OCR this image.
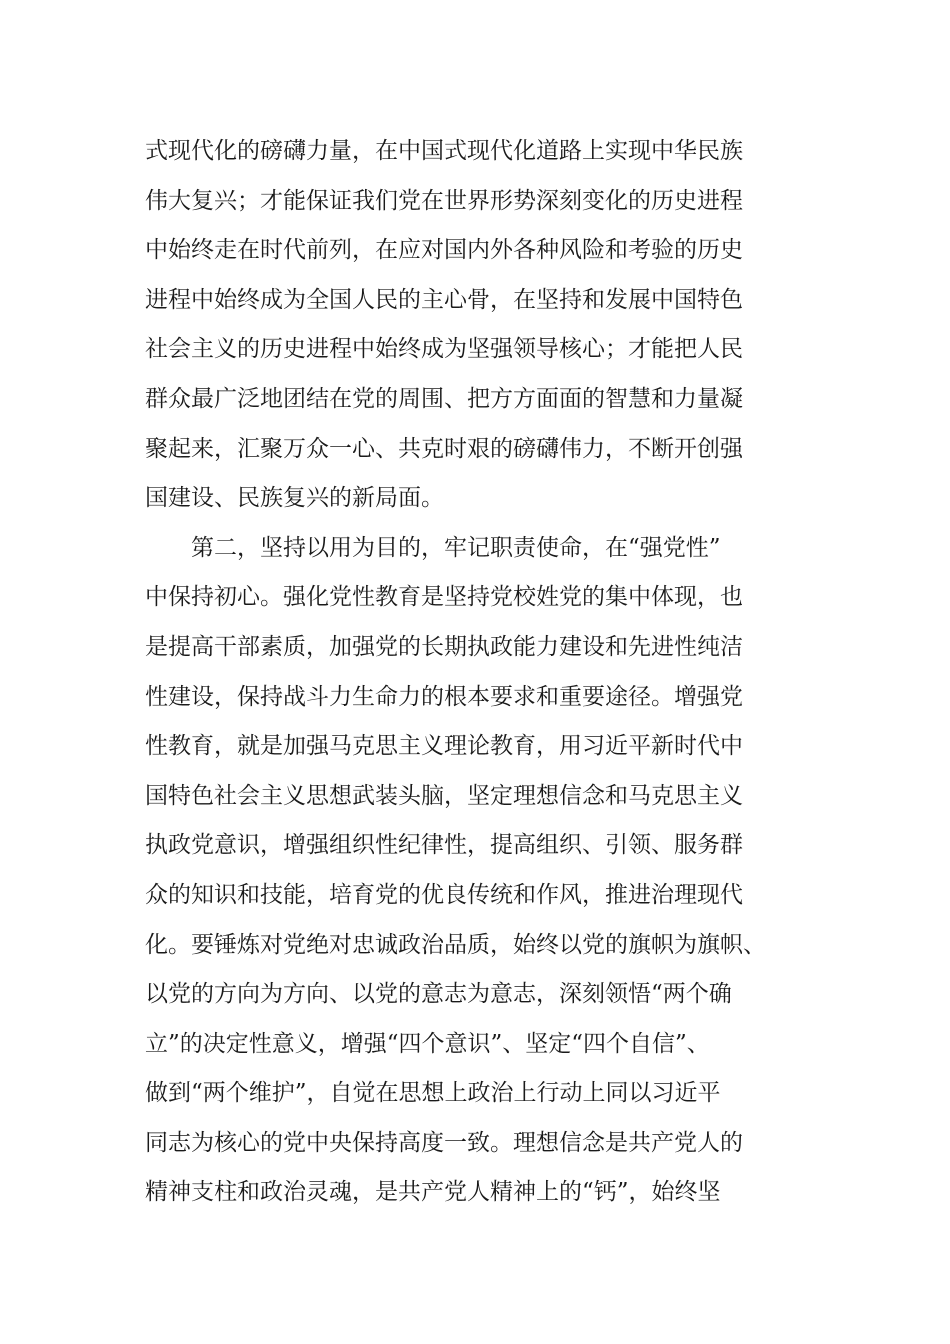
式现代化的磅礴力量，在中国式现代化道路上实现中华民族
伟大复兴；才能保证我们党在世界形势深刻变化的历史进程
中始终走在时代前列，在应对国内外各种风险和考验的历史
进程中始终成为全国人民的主心骨，在坚持和发展中国特色
社会主义的历史进程中始终成为坚强领导核心；才能把人民
群众最广泛地团结在党的周围、把方方面面的智慧和力量凝
聚起来，汇聚万众一心、共克时艰的磅礴伟力，不断开创强
国建设、民族复兴的新局面。
第二，坚持以用为目的，牢记职责使命，在“强党性”
中保持初心。强化党性教育是坚持党校姓党的集中体现，也
是提高干部素质，加强党的长期执政能力建设和先进性纯洁
性建设，保持战斗力生命力的根本要求和重要途径。增强党
性教育，就是加强马克思主义理论教育，用习近平新时代中
国特色社会主义思想武装头脑，坚定理想信念和马克思主义
执政党意识，增强组织性纪律性，提高组织、引领、服务群
众的知识和技能，培育党的优良传统和作风，推进治理现代
化。要锤炼对党绝对忠诚政治品质，始终以党的旗帜为旗帜、
以党的方向为方向、以党的意志为意志，深刻领悟“两个确
立”的决定性意义，增强“四个意识”、坚定“四个自信”、
做到“两个维护”，自觉在思想上政治上行动上同以习近平
同志为核心的党中央保持高度一致。理想信念是共产党人的
精神支柱和政治灵魂，是共产党人精神上的“钙”，始终坚
